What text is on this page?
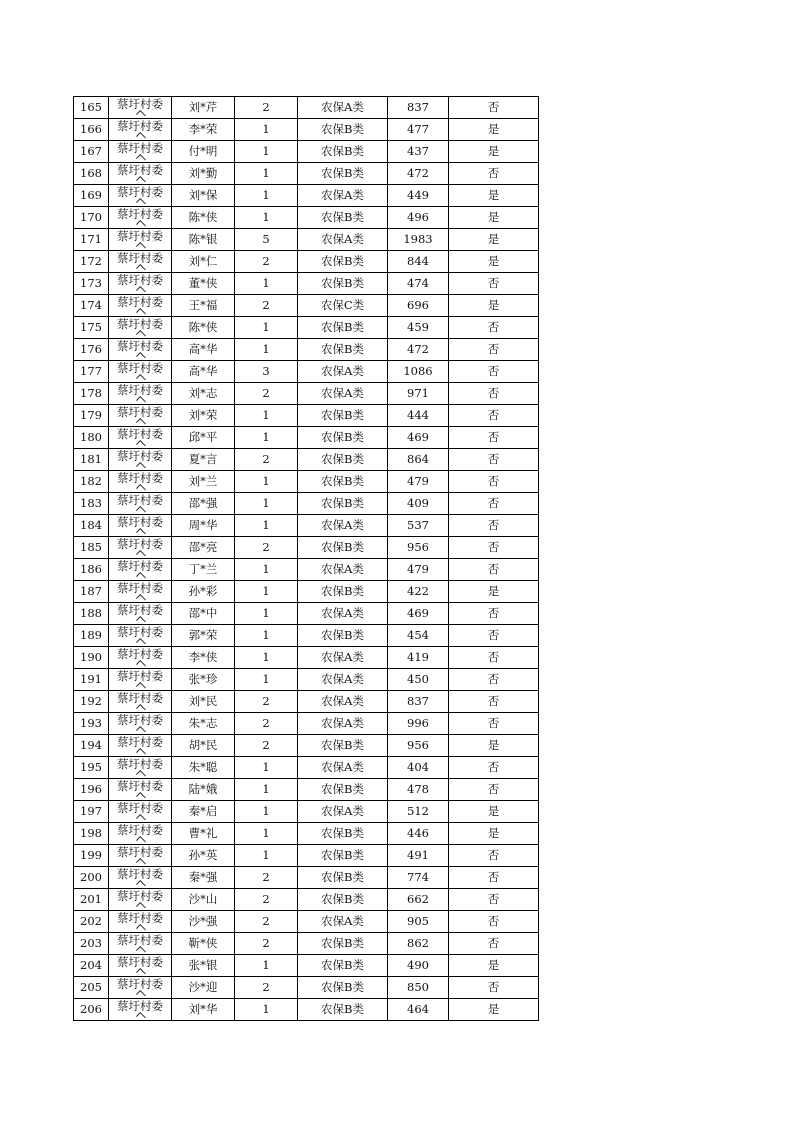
165	蔡圩村委	刘*芹	2	农保A类	837	否
166	蔡圩村委	李*荣	1	农保B类	477	是
167	蔡圩村委	付*明	1	农保B类	437	是
168	蔡圩村委	刘*勤	1	农保B类	472	否
169	蔡圩村委	刘*保	1	农保A类	449	是
170	蔡圩村委	陈*侠	1	农保B类	496	是
171	蔡圩村委	陈*银	5	农保A类	1983	是
172	蔡圩村委	刘*仁	2	农保B类	844	是
173	蔡圩村委	董*侠	1	农保B类	474	否
174	蔡圩村委	王*福	2	农保C类	696	是
175	蔡圩村委	陈*侠	1	农保B类	459	否
176	蔡圩村委	高*华	1	农保B类	472	否
177	蔡圩村委	高*华	3	农保A类	1086	否
178	蔡圩村委	刘*志	2	农保A类	971	否
179	蔡圩村委	刘*荣	1	农保B类	444	否
180	蔡圩村委	邱*平	1	农保B类	469	否
181	蔡圩村委	夏*言	2	农保B类	864	否
182	蔡圩村委	刘*兰	1	农保B类	479	否
183	蔡圩村委	邵*强	1	农保B类	409	否
184	蔡圩村委	周*华	1	农保A类	537	否
185	蔡圩村委	邵*亮	2	农保B类	956	否
186	蔡圩村委	丁*兰	1	农保A类	479	否
187	蔡圩村委	孙*彩	1	农保B类	422	是
188	蔡圩村委	邵*中	1	农保A类	469	否
189	蔡圩村委	郭*荣	1	农保B类	454	否
190	蔡圩村委	李*侠	1	农保A类	419	否
191	蔡圩村委	张*珍	1	农保A类	450	否
192	蔡圩村委	刘*民	2	农保A类	837	否
193	蔡圩村委	朱*志	2	农保A类	996	否
194	蔡圩村委	胡*民	2	农保B类	956	是
195	蔡圩村委	朱*聪	1	农保A类	404	否
196	蔡圩村委	陆*娥	1	农保B类	478	否
197	蔡圩村委	秦*启	1	农保A类	512	是
198	蔡圩村委	曹*礼	1	农保B类	446	是
199	蔡圩村委	孙*英	1	农保B类	491	否
200	蔡圩村委	秦*强	2	农保B类	774	否
201	蔡圩村委	沙*山	2	农保B类	662	否
202	蔡圩村委	沙*强	2	农保A类	905	否
203	蔡圩村委	靳*侠	2	农保B类	862	否
204	蔡圩村委	张*银	1	农保B类	490	是
205	蔡圩村委	沙*迎	2	农保B类	850	否
206	蔡圩村委	刘*华	1	农保B类	464	是
